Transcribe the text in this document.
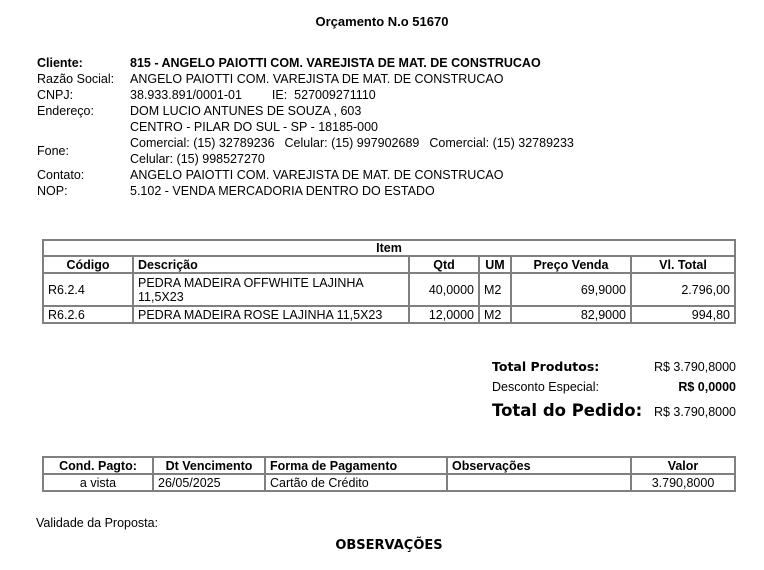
Orçamento N.o 51670
Cliente:	815 - ANGELO PAIOTTI COM. VAREJISTA DE MAT. DE CONSTRUCAO
Razão Social:	ANGELO PAIOTTI COM. VAREJISTA DE MAT. DE CONSTRUCAO
CNPJ:	38.933.891/0001-01 IE: 527009271110
Endereço:	DOM LUCIO ANTUNES DE SOUZA , 603
	CENTRO - PILAR DO SUL - SP - 18185-000
Fone:	Comercial: (15) 32789236 Celular: (15) 997902689 Comercial: (15) 32789233
Celular: (15) 998527270

Contato:	ANGELO PAIOTTI COM. VAREJISTA DE MAT. DE CONSTRUCAO
NOP:	5.102 - VENDA MERCADORIA DENTRO DO ESTADO
Item					
Código	Descrição	Qtd	UM	Preço Venda	Vl. Total
R6.2.4	PEDRA MADEIRA OFFWHITE LAJINHA 11,5X23	40,0000	M2	69,9000	2.796,00
R6.2.6	PEDRA MADEIRA ROSE LAJINHA 11,5X23	12,0000	M2	82,9000	994,80
Total Produtos:	R$ 3.790,8000
Desconto Especial:	R$ 0,0000
Total do Pedido: R$ 3.790,8000
Cond. Pagto:	Dt Vencimento	Forma de Pagamento	Observações	Valor
a vista	26/05/2025	Cartão de Crédito		3.790,8000
Validade da Proposta:
OBSERVAÇÕES
